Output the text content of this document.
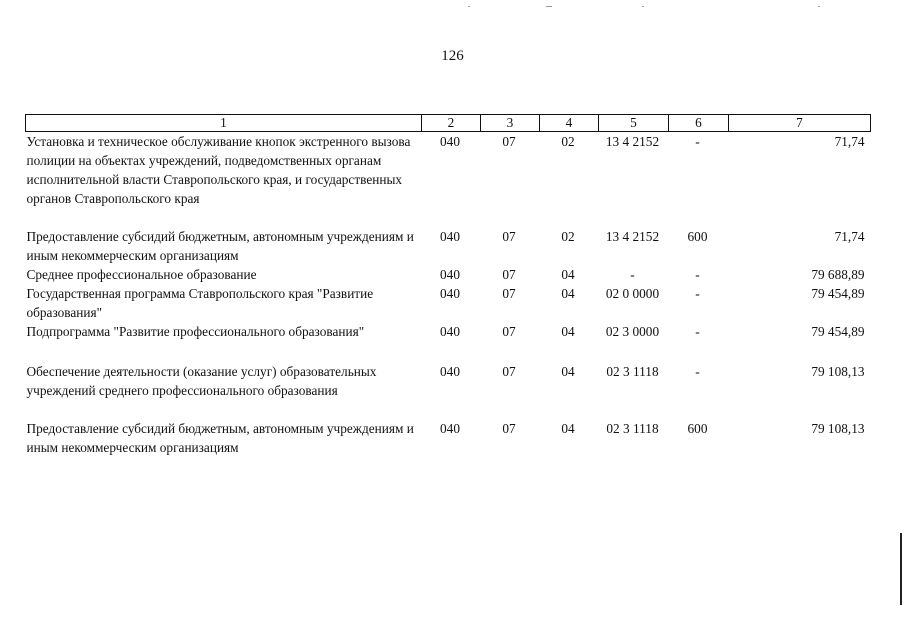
126
1	2	3	4	5	6	7
Установка и техническое обслуживание кнопок экстренного вызова полиции на объектах учреждений, подведомственных органам исполнительной власти Ставропольского края, и государственных органов Ставропольского края	040	07	02	13 4 2152	-	71,74
Предоставление субсидий бюджетным, автономным учреждениям и иным некоммерческим организациям	040	07	02	13 4 2152	600	71,74
Среднее профессиональное образование	040	07	04	-	-	79 688,89
Государственная программа Ставропольского края "Развитие образования"	040	07	04	02 0 0000	-	79 454,89
Подпрограмма "Развитие профессионального образования"	040	07	04	02 3 0000	-	79 454,89
Обеспечение деятельности (оказание услуг) образовательных учреждений среднего профессионального образования	040	07	04	02 3 1118	-	79 108,13
Предоставление субсидий бюджетным, автономным учреждениям и иным некоммерческим организациям	040	07	04	02 3 1118	600	79 108,13
